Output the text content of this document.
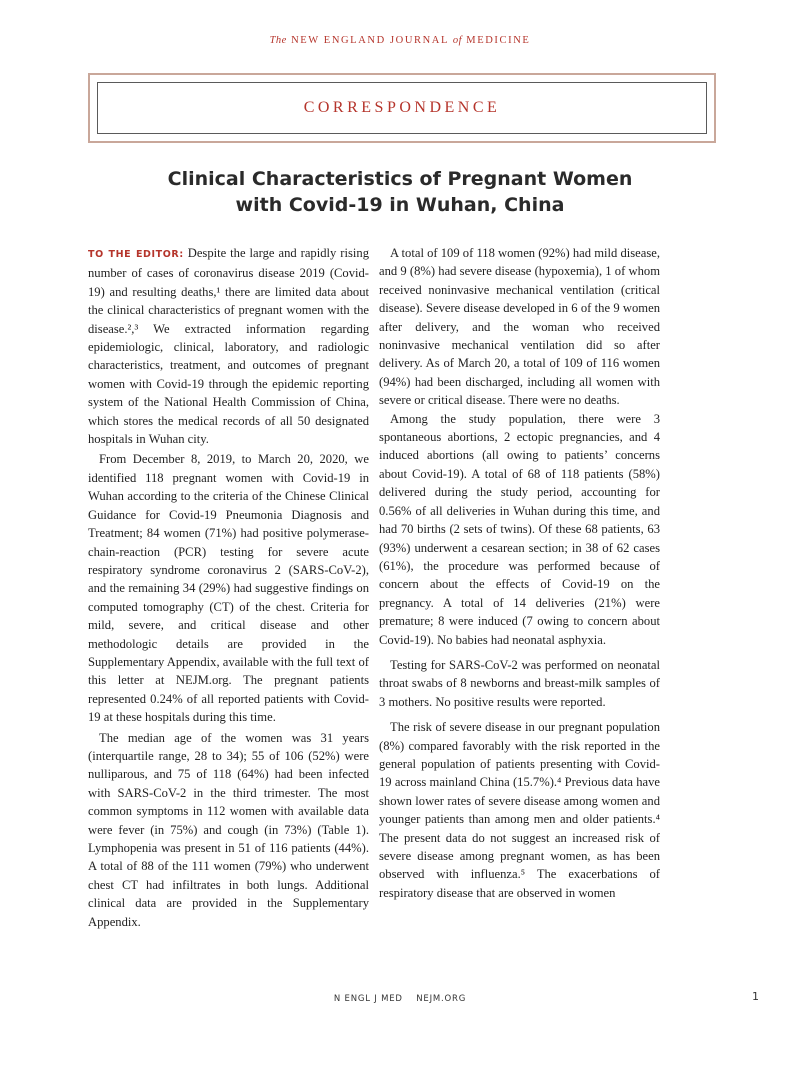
The NEW ENGLAND JOURNAL of MEDICINE
CORRESPONDENCE
Clinical Characteristics of Pregnant Women
with Covid-19 in Wuhan, China

TO THE EDITOR: Despite the large and rapidly rising number of cases of coronavirus disease 2019 (Covid-19) and resulting deaths,¹ there are limited data about the clinical characteristics of pregnant women with the disease.²,³ We extracted information regarding epidemiologic, clinical, laboratory, and radiologic characteristics, treatment, and outcomes of pregnant women with Covid-19 through the epidemic reporting system of the National Health Commission of China, which stores the medical records of all 50 designated hospitals in Wuhan city.

From December 8, 2019, to March 20, 2020, we identified 118 pregnant women with Covid-19 in Wuhan according to the criteria of the Chinese Clinical Guidance for Covid-19 Pneumonia Diagnosis and Treatment; 84 women (71%) had positive polymerase-chain-reaction (PCR) testing for severe acute respiratory syndrome coronavirus 2 (SARS-CoV-2), and the remaining 34 (29%) had suggestive findings on computed tomography (CT) of the chest. Criteria for mild, severe, and critical disease and other methodologic details are provided in the Supplementary Appendix, available with the full text of this letter at NEJM.org. The pregnant patients represented 0.24% of all reported patients with Covid-19 at these hospitals during this time.

The median age of the women was 31 years (interquartile range, 28 to 34); 55 of 106 (52%) were nulliparous, and 75 of 118 (64%) had been infected with SARS-CoV-2 in the third trimester. The most common symptoms in 112 women with available data were fever (in 75%) and cough (in 73%) (Table 1). Lymphopenia was present in 51 of 116 patients (44%). A total of 88 of the 111 women (79%) who underwent chest CT had infiltrates in both lungs. Additional clinical data are provided in the Supplementary Appendix.

A total of 109 of 118 women (92%) had mild disease, and 9 (8%) had severe disease (hypoxemia), 1 of whom received noninvasive mechanical ventilation (critical disease). Severe disease developed in 6 of the 9 women after delivery, and the woman who received noninvasive mechanical ventilation did so after delivery. As of March 20, a total of 109 of 116 women (94%) had been discharged, including all women with severe or critical disease. There were no deaths.

Among the study population, there were 3 spontaneous abortions, 2 ectopic pregnancies, and 4 induced abortions (all owing to patients’ concerns about Covid-19). A total of 68 of 118 patients (58%) delivered during the study period, accounting for 0.56% of all deliveries in Wuhan during this time, and had 70 births (2 sets of twins). Of these 68 patients, 63 (93%) underwent a cesarean section; in 38 of 62 cases (61%), the procedure was performed because of concern about the effects of Covid-19 on the pregnancy. A total of 14 deliveries (21%) were premature; 8 were induced (7 owing to concern about Covid-19). No babies had neonatal asphyxia.

Testing for SARS-CoV-2 was performed on neonatal throat swabs of 8 newborns and breast-milk samples of 3 mothers. No positive results were reported.

The risk of severe disease in our pregnant population (8%) compared favorably with the risk reported in the general population of patients presenting with Covid-19 across mainland China (15.7%).⁴ Previous data have shown lower rates of severe disease among women and younger patients than among men and older patients.⁴ The present data do not suggest an increased risk of severe disease among pregnant women, as has been observed with influenza.⁵ The exacerbations of respiratory disease that are observed in women

N ENGL J MED NEJM.ORG	1
